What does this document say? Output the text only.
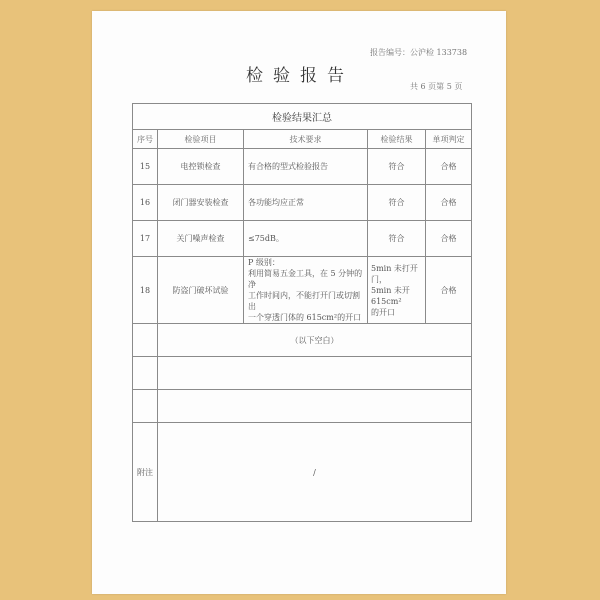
报告编号：公沪检 133738
检验报告
共 6 页第 5 页
检验结果汇总				
序号	检验项目	技术要求	检验结果	单项判定
15	电控锁检查	有合格的型式检验报告	符合	合格
16	闭门器安装检查	各功能均应正常	符合	合格
17	关门噪声检查	≤75dB。	符合	合格
18	防盗门破坏试验	P 级别：
利用简易五金工具，在 5 分钟的净
工作时间内，不能打开门或切割出
一个穿透门体的 615cm²的开口	5min 未打开门，
5min 未开 615cm²
的开口	合格
	（以下空白）			

附注	/			
